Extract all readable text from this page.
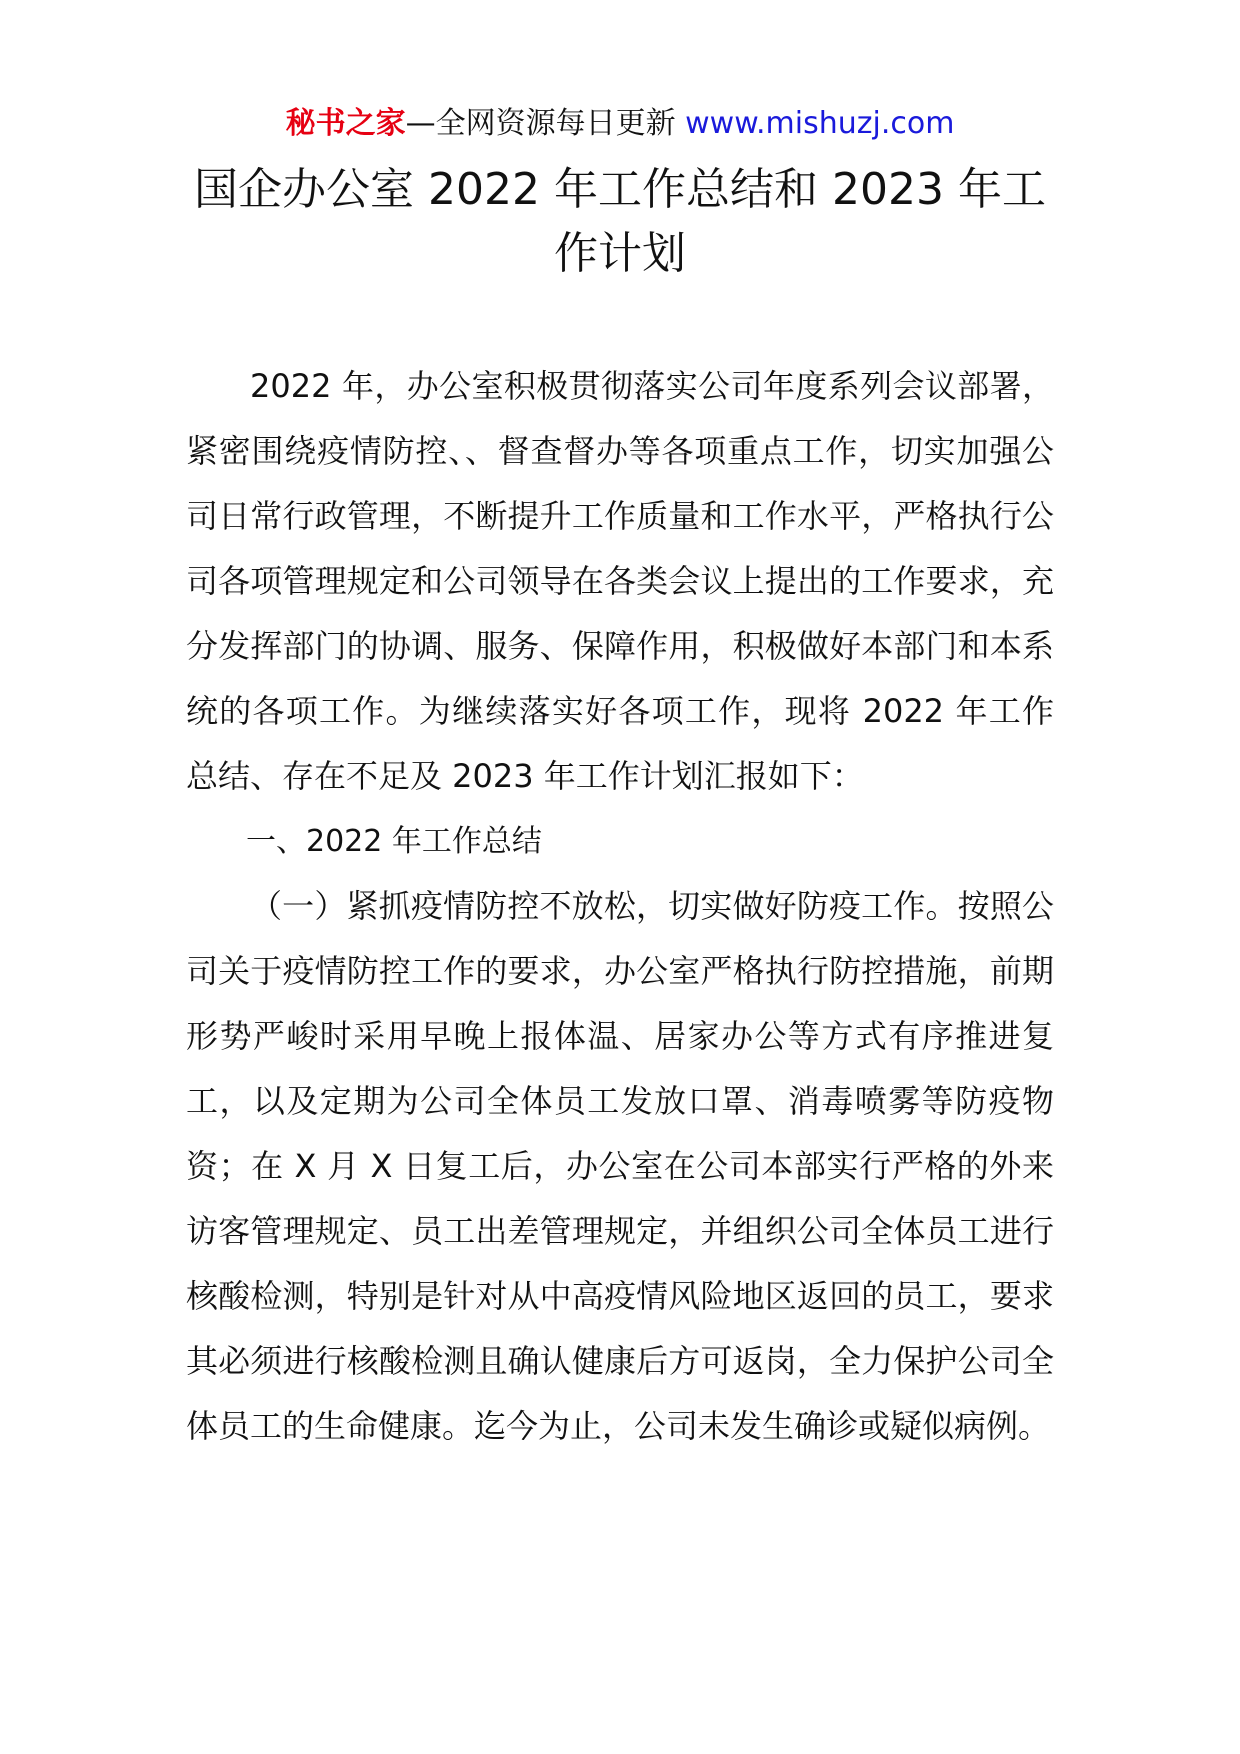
秘书之家—全网资源每日更新 www.mishuzj.com
国企办公室 2022 年工作总结和 2023 年工作计划

2022 年，办公室积极贯彻落实公司年度系列会议部署，紧密围绕疫情防控、、督查督办等各项重点工作，切实加强公司日常行政管理，不断提升工作质量和工作水平，严格执行公司各项管理规定和公司领导在各类会议上提出的工作要求，充分发挥部门的协调、服务、保障作用，积极做好本部门和本系统的各项工作。为继续落实好各项工作，现将 2022 年工作总结、存在不足及 2023 年工作计划汇报如下：

一、2022 年工作总结

（一）紧抓疫情防控不放松，切实做好防疫工作。按照公司关于疫情防控工作的要求，办公室严格执行防控措施，前期形势严峻时采用早晚上报体温、居家办公等方式有序推进复工，以及定期为公司全体员工发放口罩、消毒喷雾等防疫物资；在 X 月 X 日复工后，办公室在公司本部实行严格的外来访客管理规定、员工出差管理规定，并组织公司全体员工进行核酸检测，特别是针对从中高疫情风险地区返回的员工，要求其必须进行核酸检测且确认健康后方可返岗，全力保护公司全体员工的生命健康。迄今为止，公司未发生确诊或疑似病例。
